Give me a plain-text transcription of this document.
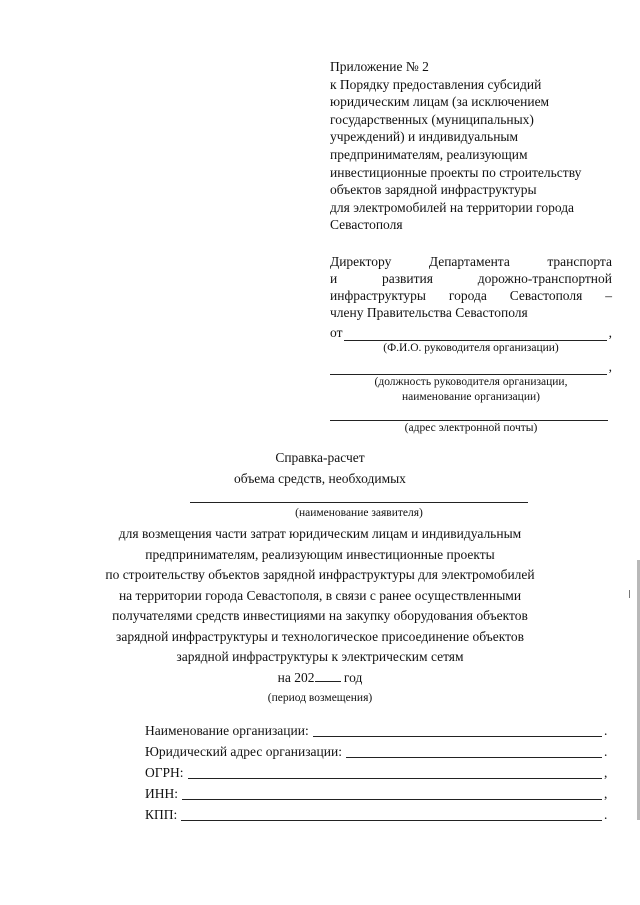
Приложение № 2
к Порядку предоставления субсидий
юридическим лицам (за исключением
государственных (муниципальных)
учреждений) и индивидуальным
предпринимателям, реализующим
инвестиционные проекты по строительству
объектов зарядной инфраструктуры
для электромобилей на территории города
Севастополя
Директору Департамента транспорта
и развития дорожно-транспортной
инфраструктуры города Севастополя –
члену Правительства Севастополя
от	,
(Ф.И.О. руководителя организации)
,
(должность руководителя организации,
наименование организации)
(адрес электронной почты)
Справка-расчет
объема средств, необходимых
(наименование заявителя)
для возмещения части затрат юридическим лицам и индивидуальным
предпринимателям, реализующим инвестиционные проекты
по строительству объектов зарядной инфраструктуры для электромобилей
на территории города Севастополя, в связи с ранее осуществленными
получателями средств инвестициями на закупку оборудования объектов
зарядной инфраструктуры и технологическое присоединение объектов
зарядной инфраструктуры к электрическим сетям
на 202 год
(период возмещения)
Наименование организации:	.
Юридический адрес организации:	.
ОГРН:	,
ИНН:	,
КПП:	.
